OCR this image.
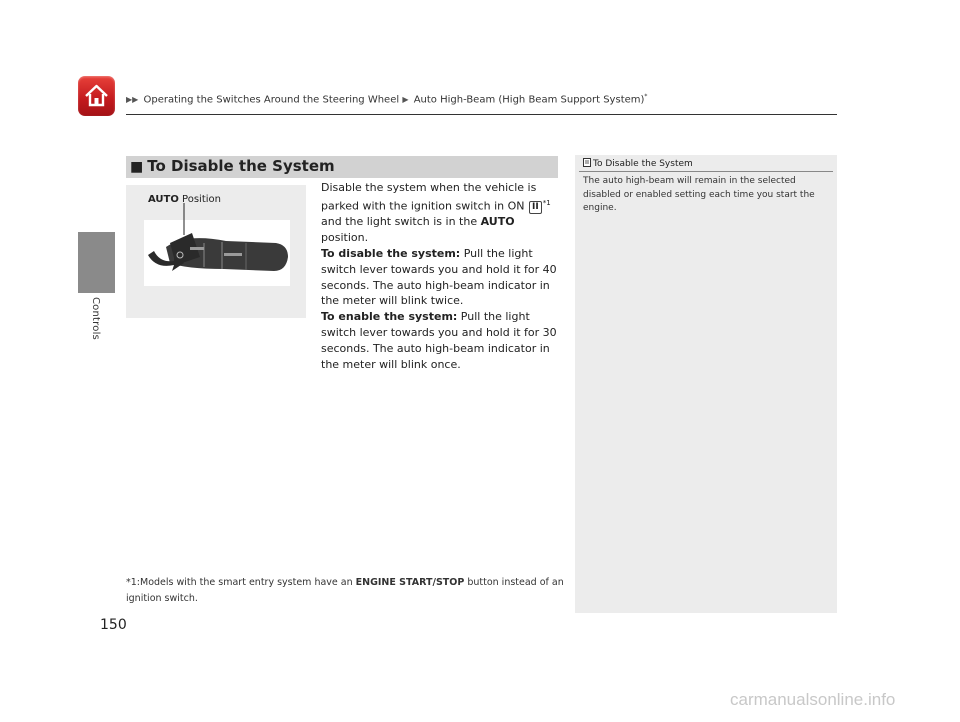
▶▶ Operating the Switches Around the Steering Wheel ▶ Auto High-Beam (High Beam Support System)*
Controls
■ To Disable the System
AUTO Position

Disable the system when the vehicle is parked with the ignition switch in ON II $^{*1}$ and the light switch is in the AUTO position.

To disable the system: Pull the light switch lever towards you and hold it for 40 seconds. The auto high-beam indicator in the meter will blink twice.

To enable the system: Pull the light switch lever towards you and hold it for 30 seconds. The auto high-beam indicator in the meter will blink once.

*1:Models with the smart entry system have an ENGINE START/STOP button instead of an ignition switch.
To Disable the System
The auto high-beam will remain in the selected disabled or enabled setting each time you start the engine.
150
carmanualsonline.info
